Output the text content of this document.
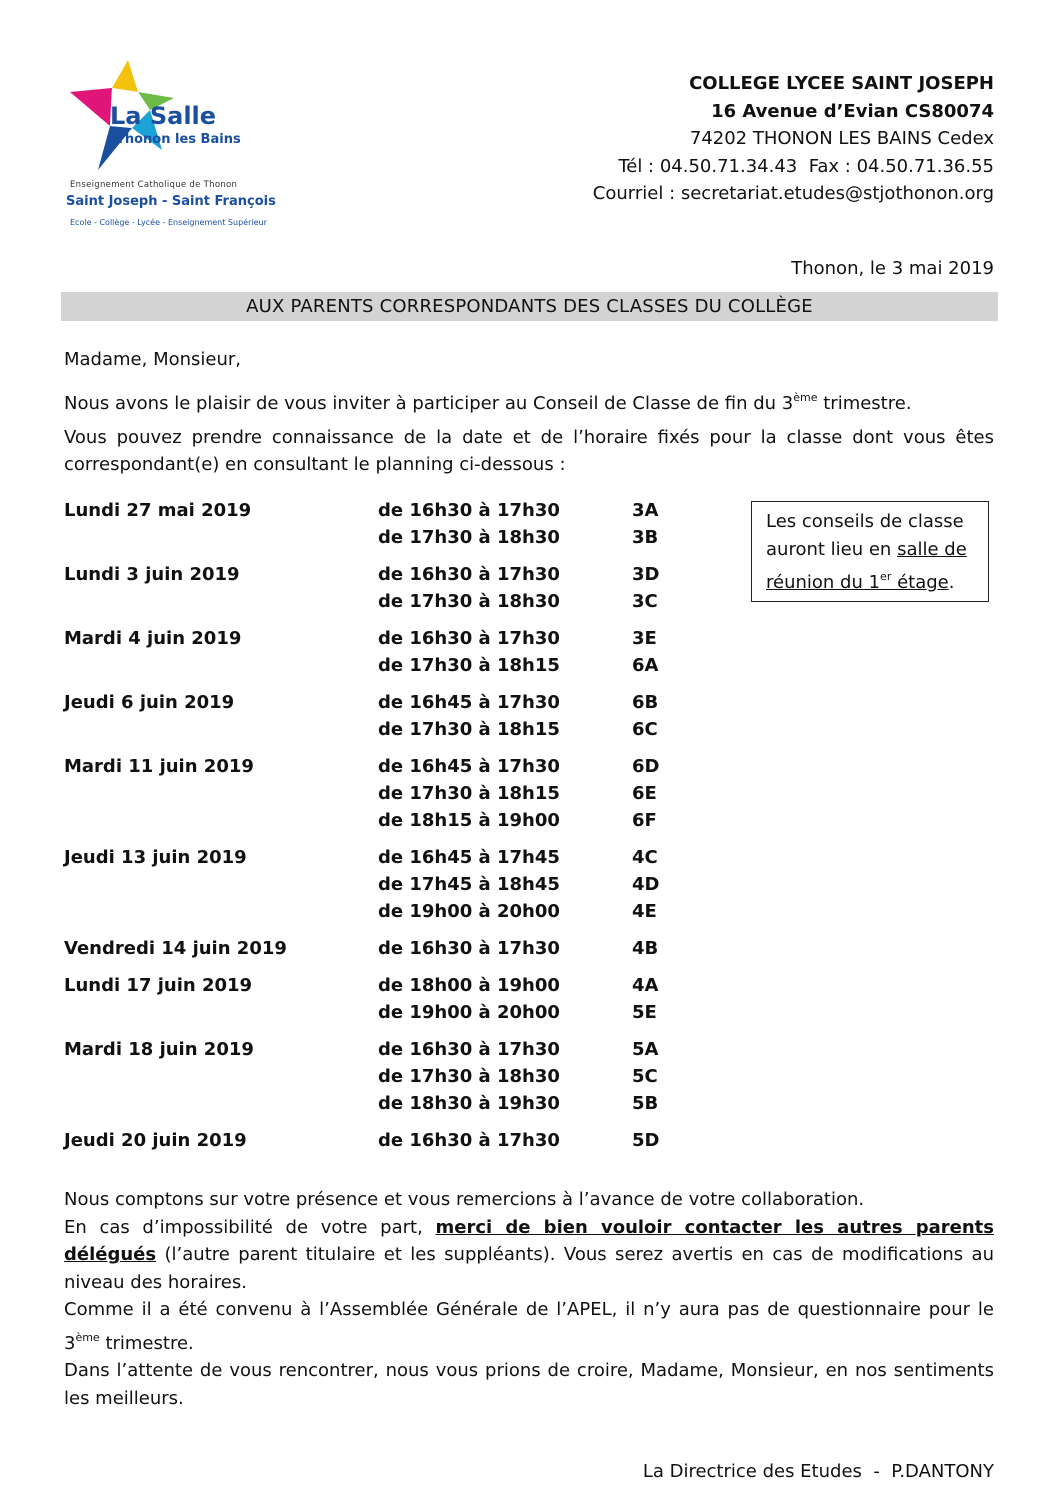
La Salle
Thonon les Bains
Enseignement Catholique de Thonon
Saint Joseph - Saint François
Ecole - Collège - Lycée - Enseignement Supérieur
COLLEGE LYCEE SAINT JOSEPH
16 Avenue d’Evian CS80074
74202 THONON LES BAINS Cedex
Tél : 04.50.71.34.43  Fax : 04.50.71.36.55
Courriel : secretariat.etudes@stjothonon.org
Thonon, le 3 mai 2019
AUX PARENTS CORRESPONDANTS DES CLASSES DU COLLÈGE
Madame, Monsieur,
Nous avons le plaisir de vous inviter à participer au Conseil de Classe de fin du 3ème trimestre.
Vous pouvez prendre connaissance de la date et de l’horaire fixés pour la classe dont vous êtes correspondant(e) en consultant le planning ci-dessous :
Lundi 27 mai 2019	de 16h30 à 17h30	3A
de 17h30 à 18h30	3B
Lundi 3 juin 2019	de 16h30 à 17h30	3D
de 17h30 à 18h30	3C
Mardi 4 juin 2019	de 16h30 à 17h30	3E
de 17h30 à 18h15	6A
Jeudi 6 juin 2019	de 16h45 à 17h30	6B
de 17h30 à 18h15	6C
Mardi 11 juin 2019	de 16h45 à 17h30	6D
de 17h30 à 18h15	6E
de 18h15 à 19h00	6F
Jeudi 13 juin 2019	de 16h45 à 17h45	4C
de 17h45 à 18h45	4D
de 19h00 à 20h00	4E
Vendredi 14 juin 2019	de 16h30 à 17h30	4B
Lundi 17 juin 2019	de 18h00 à 19h00	4A
de 19h00 à 20h00	5E
Mardi 18 juin 2019	de 16h30 à 17h30	5A
de 17h30 à 18h30	5C
de 18h30 à 19h30	5B
Jeudi 20 juin 2019	de 16h30 à 17h30	5D
Les conseils de classe
auront lieu en salle de
réunion du 1er étage.

Nous comptons sur votre présence et vous remercions à l’avance de votre collaboration.

En cas d’impossibilité de votre part, merci de bien vouloir contacter les autres parents délégués (l’autre parent titulaire et les suppléants). Vous serez avertis en cas de modifications au niveau des horaires.

Comme il a été convenu à l’Assemblée Générale de l’APEL, il n’y aura pas de questionnaire pour le 3ème trimestre.

Dans l’attente de vous rencontrer, nous vous prions de croire, Madame, Monsieur, en nos sentiments les meilleurs.

La Directrice des Etudes  -  P.DANTONY
